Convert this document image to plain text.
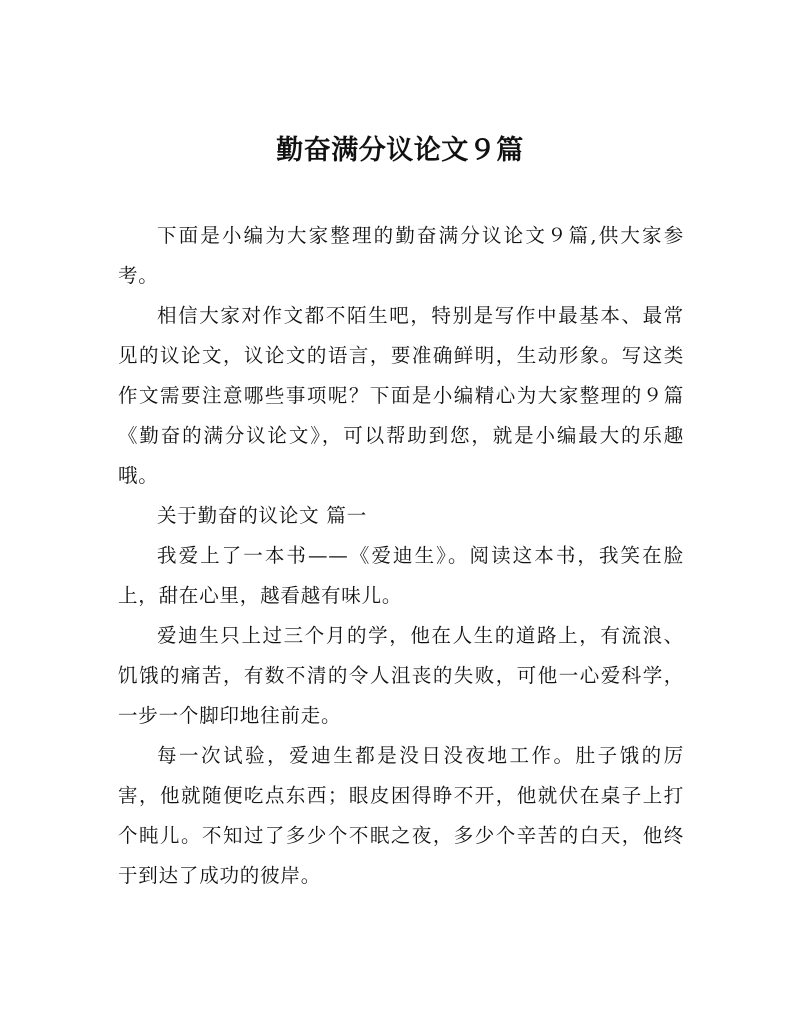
勤奋满分议论文９篇

下面是小编为大家整理的勤奋满分议论文９篇,供大家参考。

相信大家对作文都不陌生吧，特别是写作中最基本、最常见的议论文，议论文的语言，要准确鲜明，生动形象。写这类作文需要注意哪些事项呢？下面是小编精心为大家整理的９篇《勤奋的满分议论文》，可以帮助到您，就是小编最大的乐趣哦。

关于勤奋的议论文 篇一

我爱上了一本书——《爱迪生》。阅读这本书，我笑在脸上，甜在心里，越看越有味儿。

爱迪生只上过三个月的学，他在人生的道路上，有流浪、饥饿的痛苦，有数不清的令人沮丧的失败，可他一心爱科学，一步一个脚印地往前走。

每一次试验，爱迪生都是没日没夜地工作。肚子饿的厉害，他就随便吃点东西；眼皮困得睁不开，他就伏在桌子上打个盹儿。不知过了多少个不眠之夜，多少个辛苦的白天，他终于到达了成功的彼岸。
